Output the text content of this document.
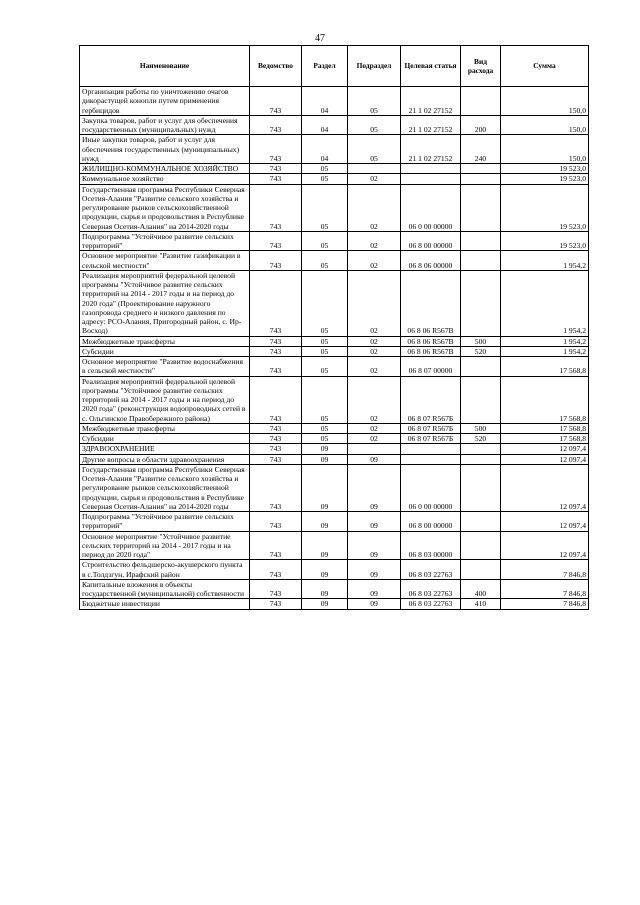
47
Наименование	Ведомство	Раздел	Подраздел	Целевая статья	Вид расхода	Сумма
Организация работы по уничтожению очагов дикорастущей конопли путем применения гербицидов	743	04	05	21 1 02 27152		150,0
Закупка товаров, работ и услуг для обеспечения государственных (муниципальных) нужд	743	04	05	21 1 02 27152	200	150,0
Иные закупки товаров, работ и услуг для обеспечения государственных (муниципальных) нужд	743	04	05	21 1 02 27152	240	150,0
ЖИЛИЩНО-КОММУНАЛЬНОЕ ХОЗЯЙСТВО	743	05				19 523,0
Коммунальное хозяйство	743	05	02			19 523,0
Государственная программа Республики Северная Осетия-Алания "Развитие сельского хозяйства и регулирование рынков сельскохозяйственной продукции, сырья и продовольствия в Республике Северная Осетия-Алания" на 2014-2020 годы	743	05	02	06 0 00 00000		19 523,0
Подпрограмма "Устойчивое развитие сельских территорий"	743	05	02	06 8 00 00000		19 523,0
Основное мероприятие "Развитие газификации в сельской местности"	743	05	02	06 8 06 00000		1 954,2
Реализация мероприятий федеральной целевой программы "Устойчивое развитие сельских территорий на 2014 - 2017 годы и на период до 2020 года" (Проектирование наружного газопровода среднего и низкого давления по адресу: РСО-Алания, Пригородный район, с. Ир-Восход)	743	05	02	06 8 06 R567В		1 954,2
Межбюджетные трансферты	743	05	02	06 8 06 R567В	500	1 954,2
Субсидии	743	05	02	06 8 06 R567В	520	1 954,2
Основное мероприятие "Развитие водоснабжения в сельской местности"	743	05	02	06 8 07 00000		17 568,8
Реализация мероприятий федеральной целевой программы "Устойчивое развитие сельских территорий на 2014 - 2017 годы и на период до 2020 года" (реконструкция водопроводных сетей в с. Ольгинское Правобережного района)	743	05	02	06 8 07 R567Б		17 568,8
Межбюджетные трансферты	743	05	02	06 8 07 R567Б	500	17 568,8
Субсидии	743	05	02	06 8 07 R567Б	520	17 568,8
ЗДРАВООХРАНЕНИЕ	743	09				12 097,4
Другие вопросы в области здравоохранения	743	09	09			12 097,4
Государственная программа Республики Северная Осетия-Алания "Развитие сельского хозяйства и регулирование рынков сельскохозяйственной продукции, сырья и продовольствия в Республике Северная Осетия-Алания" на 2014-2020 годы	743	09	09	06 0 00 00000		12 097,4
Подпрограмма "Устойчивое развитие сельских территорий"	743	09	09	06 8 00 00000		12 097,4
Основное мероприятие "Устойчивое развитие сельских территорий на 2014 - 2017 годы и на период до 2020 года"	743	09	09	06 8 03 00000		12 097,4
Строительство фельдшерско-акушерского пункта в с.Толдзгун, Ирафский район	743	09	09	06 8 03 22763		7 846,8
Капитальные вложения в объекты государственной (муниципальной) собственности	743	09	09	06 8 03 22763	400	7 846,8
Бюджетные инвестиции	743	09	09	06 8 03 22763	410	7 846,8
